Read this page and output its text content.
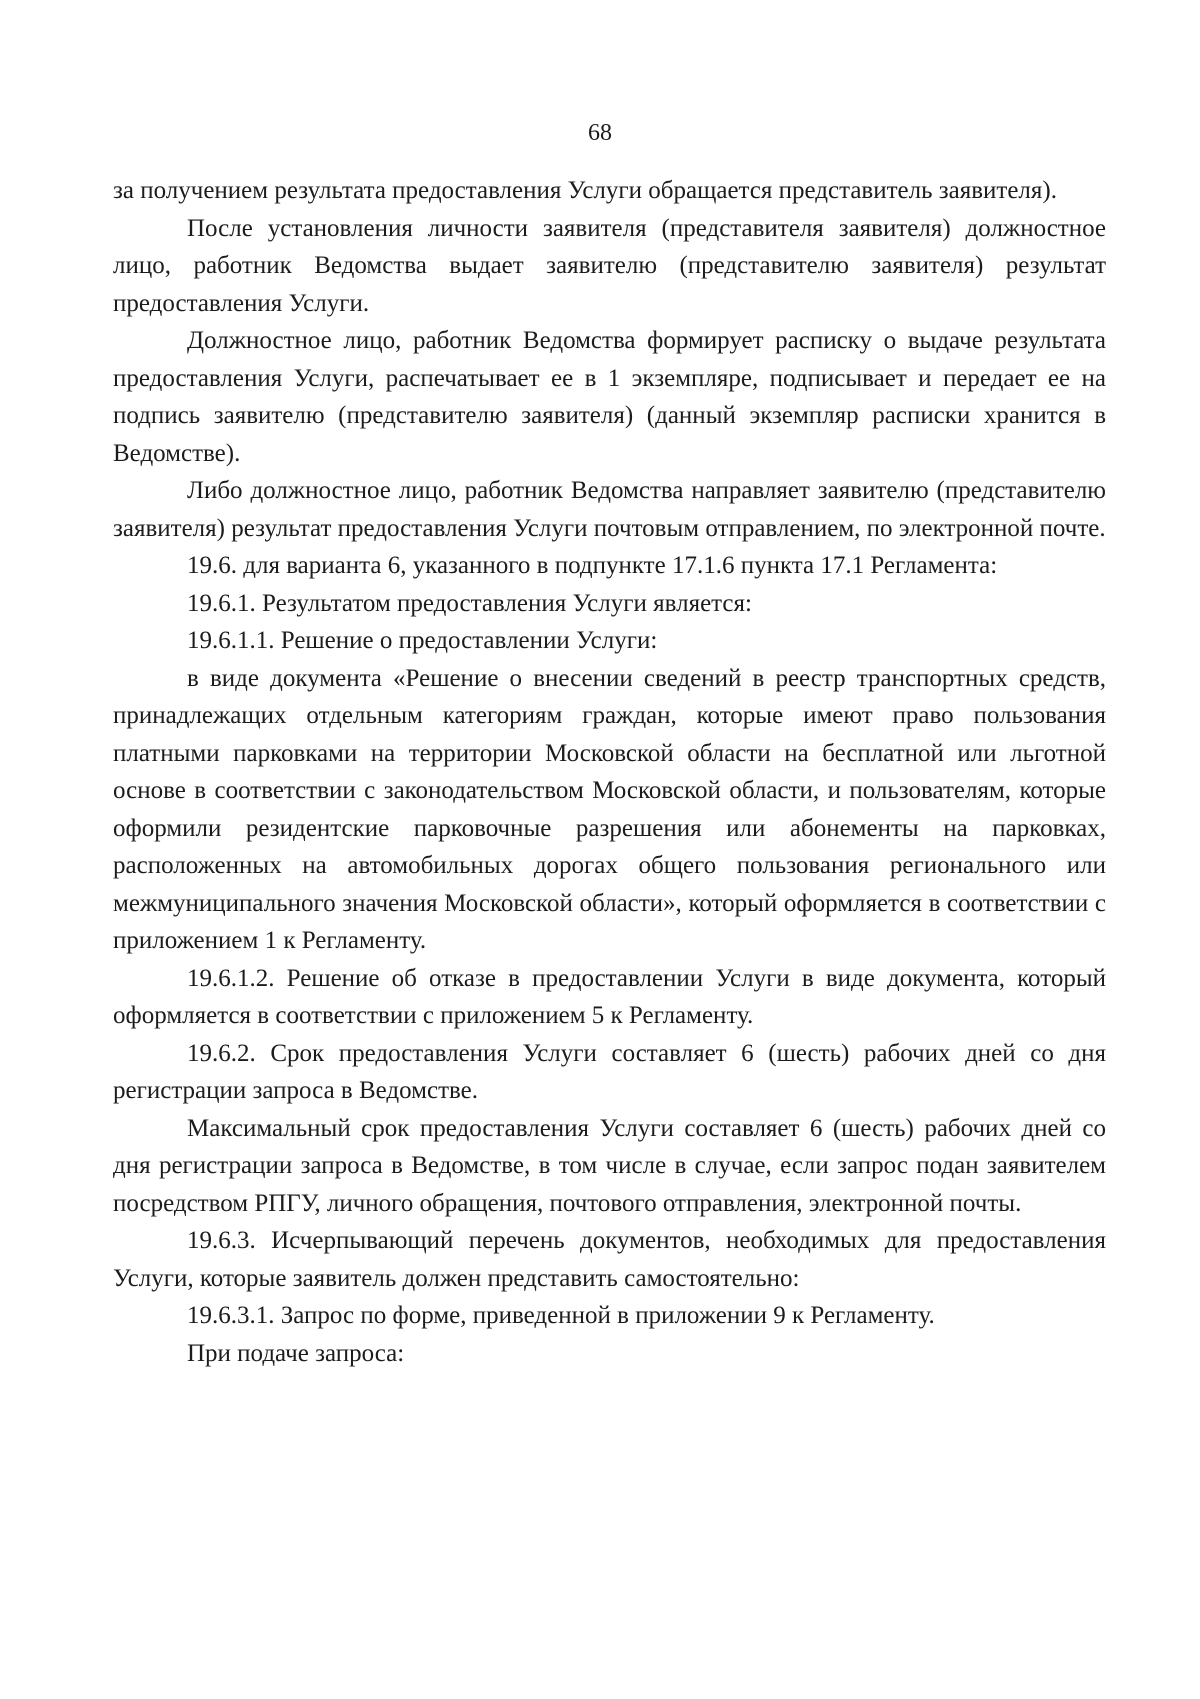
68

за получением результата предоставления Услуги обращается представитель заявителя).

После установления личности заявителя (представителя заявителя) должностное лицо, работник Ведомства выдает заявителю (представителю заявителя) результат предоставления Услуги.

Должностное лицо, работник Ведомства формирует расписку о выдаче результата предоставления Услуги, распечатывает ее в 1 экземпляре, подписывает и передает ее на подпись заявителю (представителю заявителя) (данный экземпляр расписки хранится в Ведомстве).

Либо должностное лицо, работник Ведомства направляет заявителю (представителю заявителя) результат предоставления Услуги почтовым отправлением, по электронной почте.

19.6. для варианта 6, указанного в подпункте 17.1.6 пункта 17.1 Регламента:

19.6.1. Результатом предоставления Услуги является:

19.6.1.1. Решение о предоставлении Услуги:

в виде документа «Решение о внесении сведений в реестр транспортных средств, принадлежащих отдельным категориям граждан, которые имеют право пользования платными парковками на территории Московской области на бесплатной или льготной основе в соответствии с законодательством Московской области, и пользователям, которые оформили резидентские парковочные разрешения или абонементы на парковках, расположенных на автомобильных дорогах общего пользования регионального или межмуниципального значения Московской области», который оформляется в соответствии с приложением 1 к Регламенту.

19.6.1.2. Решение об отказе в предоставлении Услуги в виде документа, который оформляется в соответствии с приложением 5 к Регламенту.

19.6.2. Срок предоставления Услуги составляет 6 (шесть) рабочих дней со дня регистрации запроса в Ведомстве.

Максимальный срок предоставления Услуги составляет 6 (шесть) рабочих дней со дня регистрации запроса в Ведомстве, в том числе в случае, если запрос подан заявителем посредством РПГУ, личного обращения, почтового отправления, электронной почты.

19.6.3. Исчерпывающий перечень документов, необходимых для предоставления Услуги, которые заявитель должен представить самостоятельно:

19.6.3.1. Запрос по форме, приведенной в приложении 9 к Регламенту.

При подаче запроса:
